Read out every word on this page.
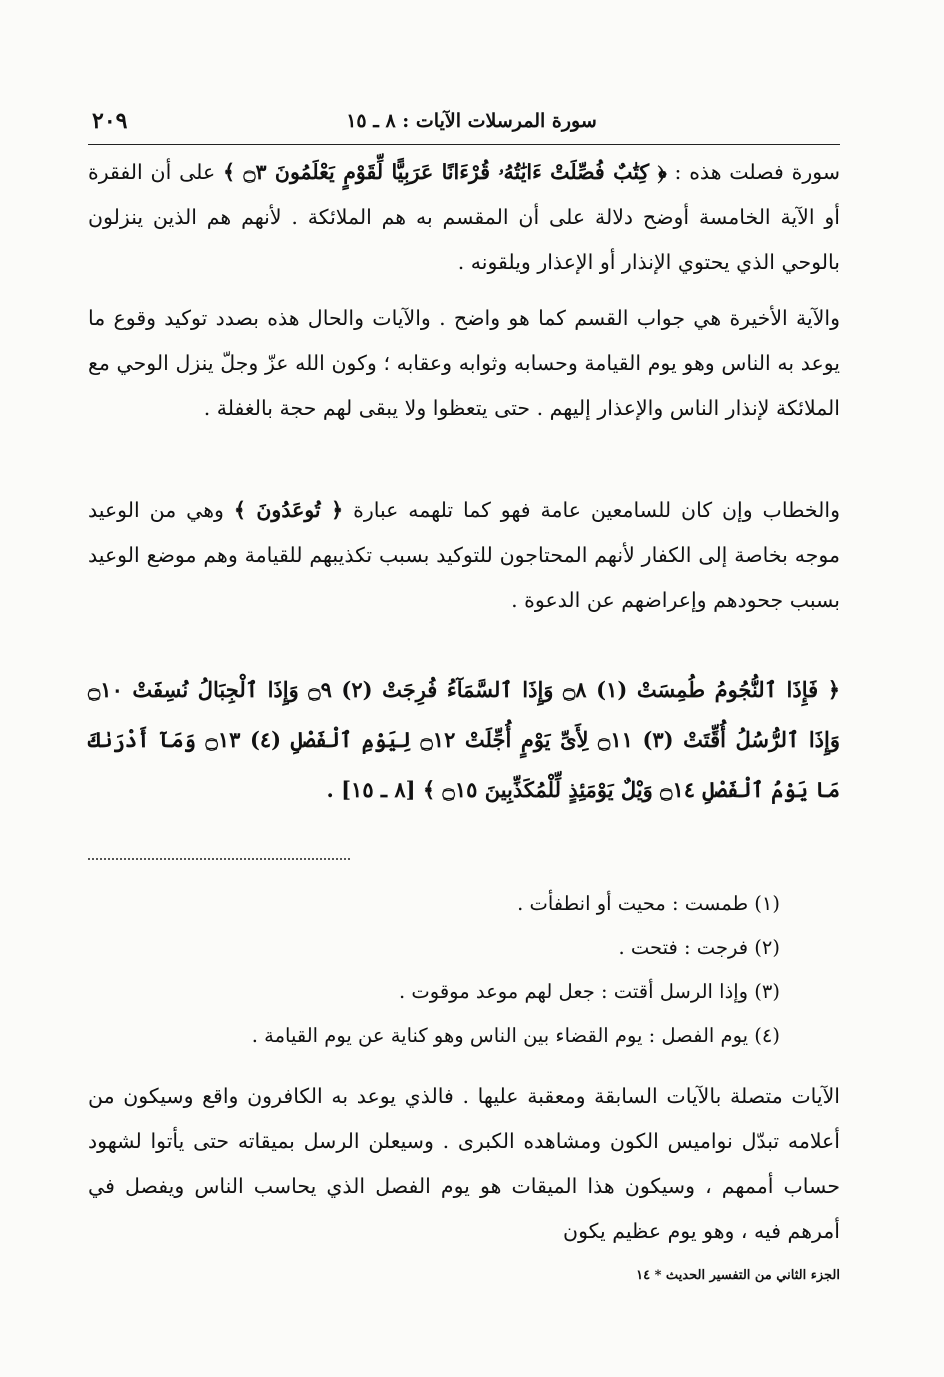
سورة المرسلات الآيات : ٨ ـ ١٥
٢٠٩
سورة فصلت هذه : ﴿ كِتَٰبٌ فُصِّلَتْ ءَايَٰتُهُۥ قُرْءَانًا عَرَبِيًّا لِّقَوْمٍ يَعْلَمُونَ ۝٣ ﴾ على أن الفقرة أو الآية الخامسة أوضح دلالة على أن المقسم به هم الملائكة . لأنهم هم الذين ينزلون بالوحي الذي يحتوي الإنذار أو الإعذار ويلقونه .
والآية الأخيرة هي جواب القسم كما هو واضح . والآيات والحال هذه بصدد توكيد وقوع ما يوعد به الناس وهو يوم القيامة وحسابه وثوابه وعقابه ؛ وكون الله عزّ وجلّ ينزل الوحي مع الملائكة لإنذار الناس والإعذار إليهم . حتى يتعظوا ولا يبقى لهم حجة بالغفلة .
والخطاب وإن كان للسامعين عامة فهو كما تلهمه عبارة ﴿ تُوعَدُونَ ﴾ وهي من الوعيد موجه بخاصة إلى الكفار لأنهم المحتاجون للتوكيد بسبب تكذيبهم للقيامة وهم موضع الوعيد بسبب جحودهم وإعراضهم عن الدعوة .
﴿ فَإِذَا ٱلنُّجُومُ طُمِسَتْ (١) ۝٨ وَإِذَا ٱلسَّمَآءُ فُرِجَتْ (٢) ۝٩ وَإِذَا ٱلْجِبَالُ نُسِفَتْ ۝١٠ وَإِذَا ٱلرُّسُلُ أُقِّتَتْ (٣) ۝١١ لِأَىِّ يَوْمٍ أُجِّلَتْ ۝١٢ لِيَوْمِ ٱلْفَصْلِ (٤) ۝١٣ وَمَآ أَدْرَىٰكَ مَا يَوْمُ ٱلْفَصْلِ ۝١٤ وَيْلٌ يَوْمَئِذٍ لِّلْمُكَذِّبِينَ ۝١٥ ﴾ [٨ ـ ١٥] .
(١) طمست : محيت أو انطفأت .
(٢) فرجت : فتحت .
(٣) وإذا الرسل أقتت : جعل لهم موعد موقوت .
(٤) يوم الفصل : يوم القضاء بين الناس وهو كناية عن يوم القيامة .
الآيات متصلة بالآيات السابقة ومعقبة عليها . فالذي يوعد به الكافرون واقع وسيكون من أعلامه تبدّل نواميس الكون ومشاهده الكبرى . وسيعلن الرسل بميقاته حتى يأتوا لشهود حساب أممهم ، وسيكون هذا الميقات هو يوم الفصل الذي يحاسب الناس ويفصل في أمرهم فيه ، وهو يوم عظيم يكون
الجزء الثاني من التفسير الحديث * ١٤
